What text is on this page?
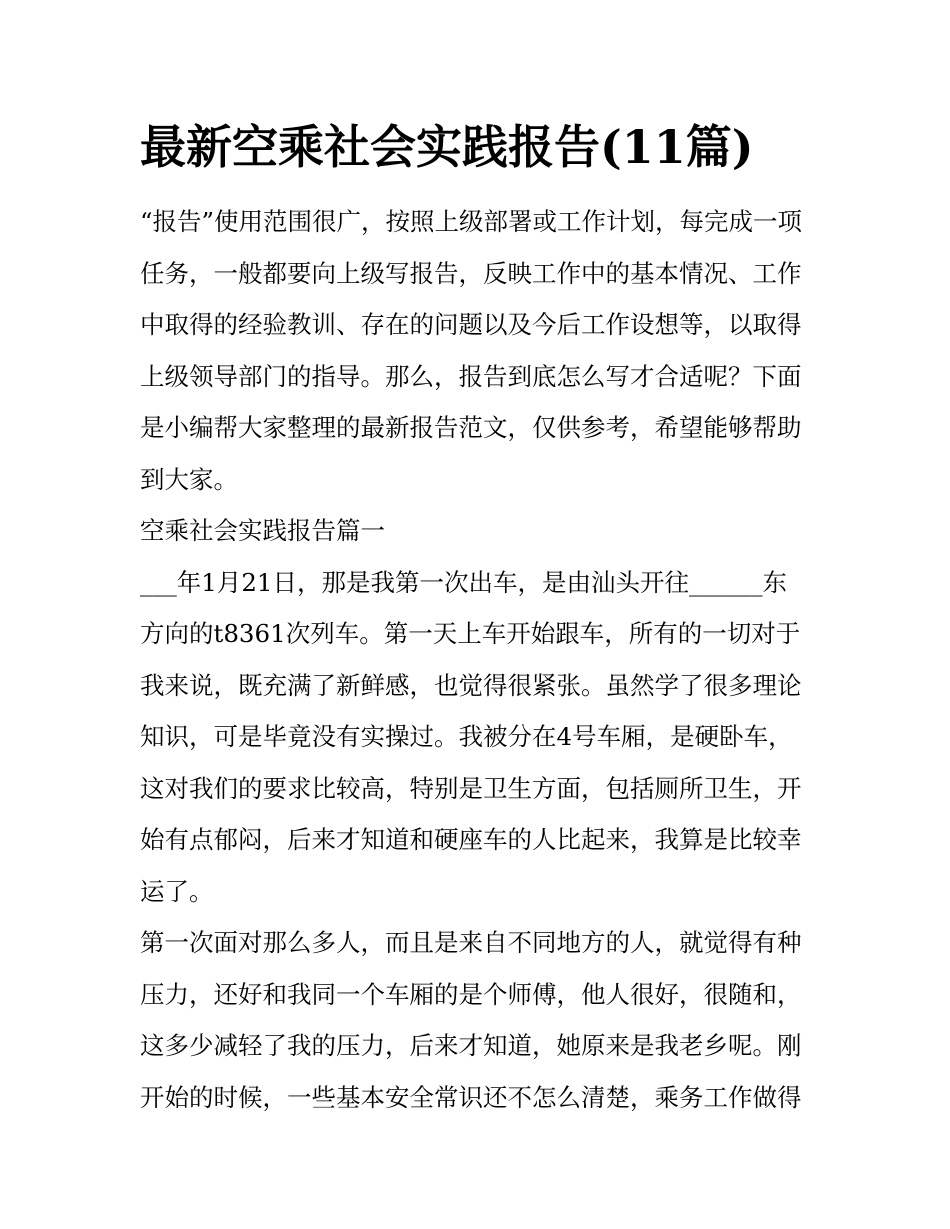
最新空乘社会实践报告(11篇)
“报告”使用范围很广，按照上级部署或工作计划，每完成一项
任务，一般都要向上级写报告，反映工作中的基本情况、工作
中取得的经验教训、存在的问题以及今后工作设想等，以取得
上级领导部门的指导。那么，报告到底怎么写才合适呢？下面
是小编帮大家整理的最新报告范文，仅供参考，希望能够帮助
到大家。
空乘社会实践报告篇一
___年1月21日，那是我第一次出车，是由汕头开往______东
方向的t8361次列车。第一天上车开始跟车，所有的一切对于
我来说，既充满了新鲜感，也觉得很紧张。虽然学了很多理论
知识，可是毕竟没有实操过。我被分在4号车厢，是硬卧车，
这对我们的要求比较高，特别是卫生方面，包括厕所卫生，开
始有点郁闷，后来才知道和硬座车的人比起来，我算是比较幸
运了。
第一次面对那么多人，而且是来自不同地方的人，就觉得有种
压力，还好和我同一个车厢的是个师傅，他人很好，很随和，
这多少减轻了我的压力，后来才知道，她原来是我老乡呢。刚
开始的时候，一些基本安全常识还不怎么清楚，乘务工作做得
